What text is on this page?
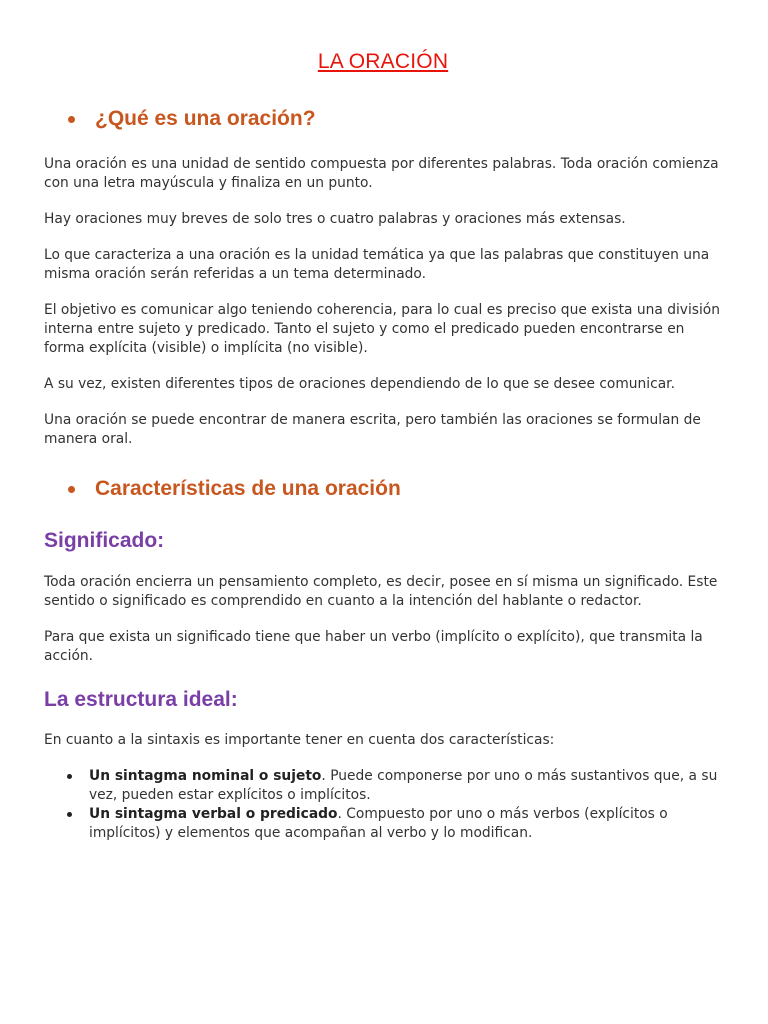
LA ORACIÓN
¿Qué es una oración?

Una oración es una unidad de sentido compuesta por diferentes palabras. Toda oración comienza con una letra mayúscula y finaliza en un punto.

Hay oraciones muy breves de solo tres o cuatro palabras y oraciones más extensas.

Lo que caracteriza a una oración es la unidad temática ya que las palabras que constituyen una misma oración serán referidas a un tema determinado.

El objetivo es comunicar algo teniendo coherencia, para lo cual es preciso que exista una división interna entre sujeto y predicado. Tanto el sujeto y como el predicado pueden encontrarse en forma explícita (visible) o implícita (no visible).

A su vez, existen diferentes tipos de oraciones dependiendo de lo que se desee comunicar.

Una oración se puede encontrar de manera escrita, pero también las oraciones se formulan de manera oral.

Características de una oración
Significado:

Toda oración encierra un pensamiento completo, es decir, posee en sí misma un significado. Este sentido o significado es comprendido en cuanto a la intención del hablante o redactor.

Para que exista un significado tiene que haber un verbo (implícito o explícito), que transmita la acción.

La estructura ideal:

En cuanto a la sintaxis es importante tener en cuenta dos características:

Un sintagma nominal o sujeto. Puede componerse por uno o más sustantivos que, a su vez, pueden estar explícitos o implícitos.
Un sintagma verbal o predicado. Compuesto por uno o más verbos (explícitos o implícitos) y elementos que acompañan al verbo y lo modifican.
